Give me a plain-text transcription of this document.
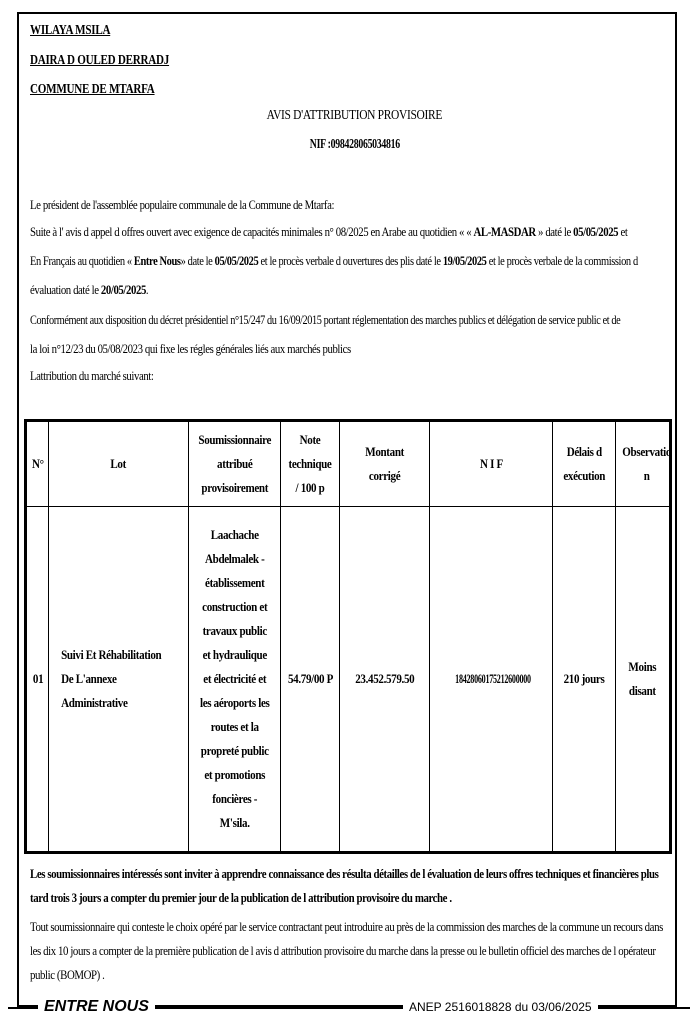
WILAYA MSILA
DAIRA D OULED DERRADJ
COMMUNE DE MTARFA
AVIS D'ATTRIBUTION PROVISOIRE
NIF :098428065034816
Le président de l'assemblée populaire communale de la Commune de Mtarfa:
Suite à l' avis d appel d offres ouvert avec exigence de capacités minimales n° 08/2025 en Arabe au quotidien « « AL-MASDAR » daté le 05/05/2025 et
En Français au quotidien « Entre Nous» date le 05/05/2025 et le procès verbale d ouvertures des plis daté le 19/05/2025 et le procès verbale de la commission d
évaluation daté le 20/05/2025.
Conformément aux disposition du décret présidentiel n°15/247 du 16/09/2015 portant réglementation des marches publics et délégation de service public et de
la loi n°12/23 du 05/08/2023 qui fixe les régles générales liés aux marchés publics
Lattribution du marché suivant:
N°	Lot	Soumissionnaire attribué provisoirement	Note technique / 100 p	Montant corrigé	N I F	Délais d exécution	Observatio n
01	Suivi Et Réhabilitation De L'annexe Administrative	Laachache Abdelmalek - établissement construction et travaux public et hydraulique et électricité et les aéroports les routes et la propreté public et promotions foncières - M'sila.	54.79/00 P	23.452.579.50	18428060175212600000	210 jours	Moins disant

Les soumissionnaires intéressés sont inviter à apprendre connaissance des résulta détailles de l évaluation de leurs offres techniques et financières plus tard trois 3 jours a compter du premier jour de la publication de l attribution provisoire du marche .

Tout soumissionnaire qui conteste le choix opéré par le service contractant peut introduire au près de la commission des marches de la commune un recours dans les dix 10 jours a compter de la première publication de l avis d attribution provisoire du marche dans la presse ou le bulletin officiel des marches de l opérateur public (BOMOP) .

ENTRE NOUS	ANEP 2516018828 du 03/06/2025
